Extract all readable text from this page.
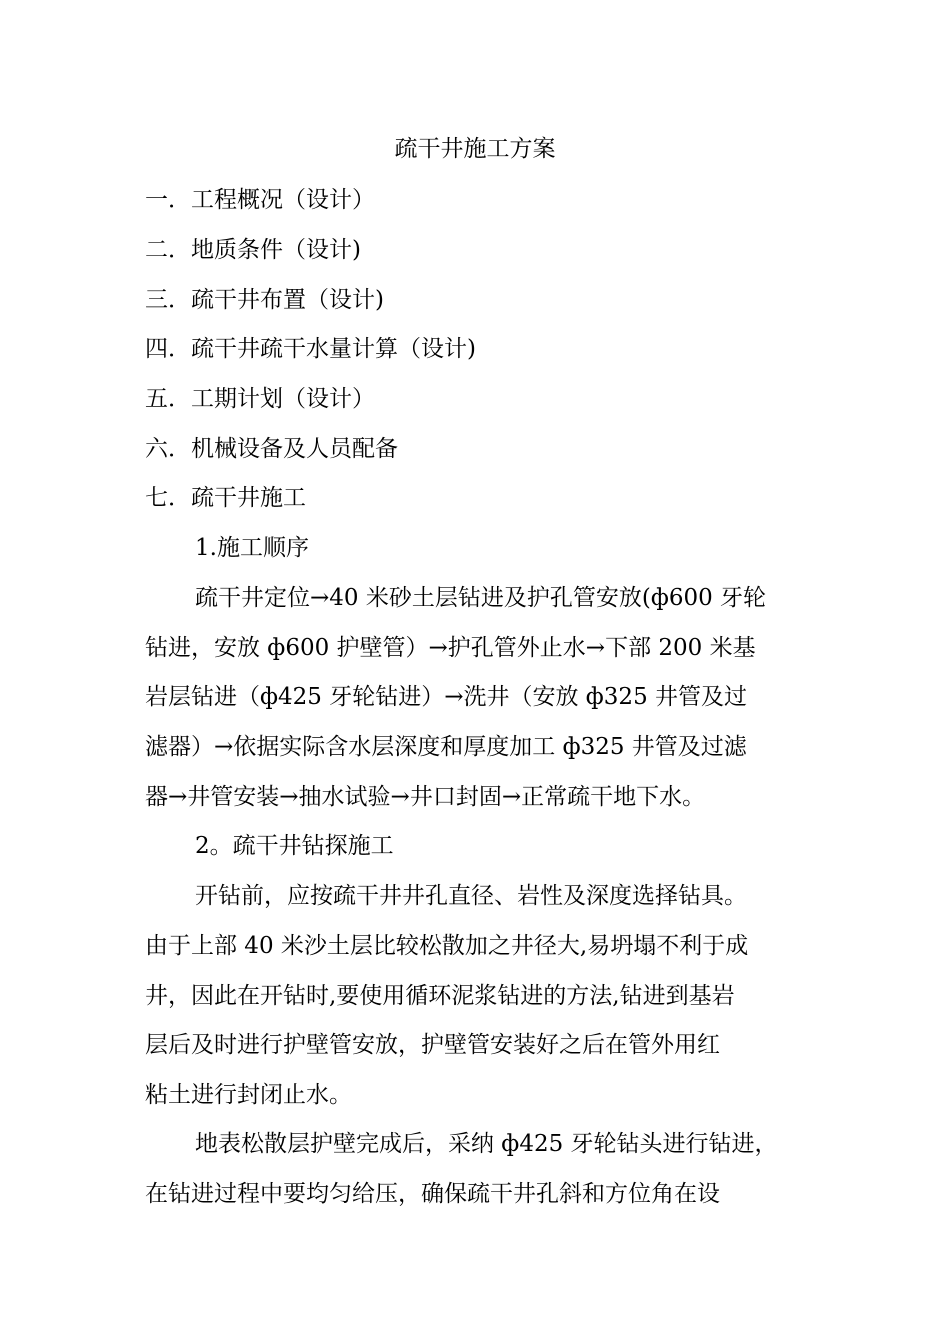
疏干井施工方案
一．工程概况（设计）
二．地质条件（设计)
三．疏干井布置（设计)
四．疏干井疏干水量计算（设计)
五．工期计划（设计）
六．机械设备及人员配备
七．疏干井施工
1.施工顺序
疏干井定位→40 米砂土层钻进及护孔管安放(ф600 牙轮
钻进，安放 ф600 护壁管）→护孔管外止水→下部 200 米基
岩层钻进（ф425 牙轮钻进）→洗井（安放 ф325 井管及过
滤器）→依据实际含水层深度和厚度加工 ф325 井管及过滤
器→井管安装→抽水试验→井口封固→正常疏干地下水。
2。疏干井钻探施工
开钻前，应按疏干井井孔直径、岩性及深度选择钻具。
由于上部 40 米沙土层比较松散加之井径大,易坍塌不利于成
井，因此在开钻时,要使用循环泥浆钻进的方法,钻进到基岩
层后及时进行护壁管安放，护壁管安装好之后在管外用红
粘土进行封闭止水。
地表松散层护壁完成后，采纳 ф425 牙轮钻头进行钻进，
在钻进过程中要均匀给压，确保疏干井孔斜和方位角在设
